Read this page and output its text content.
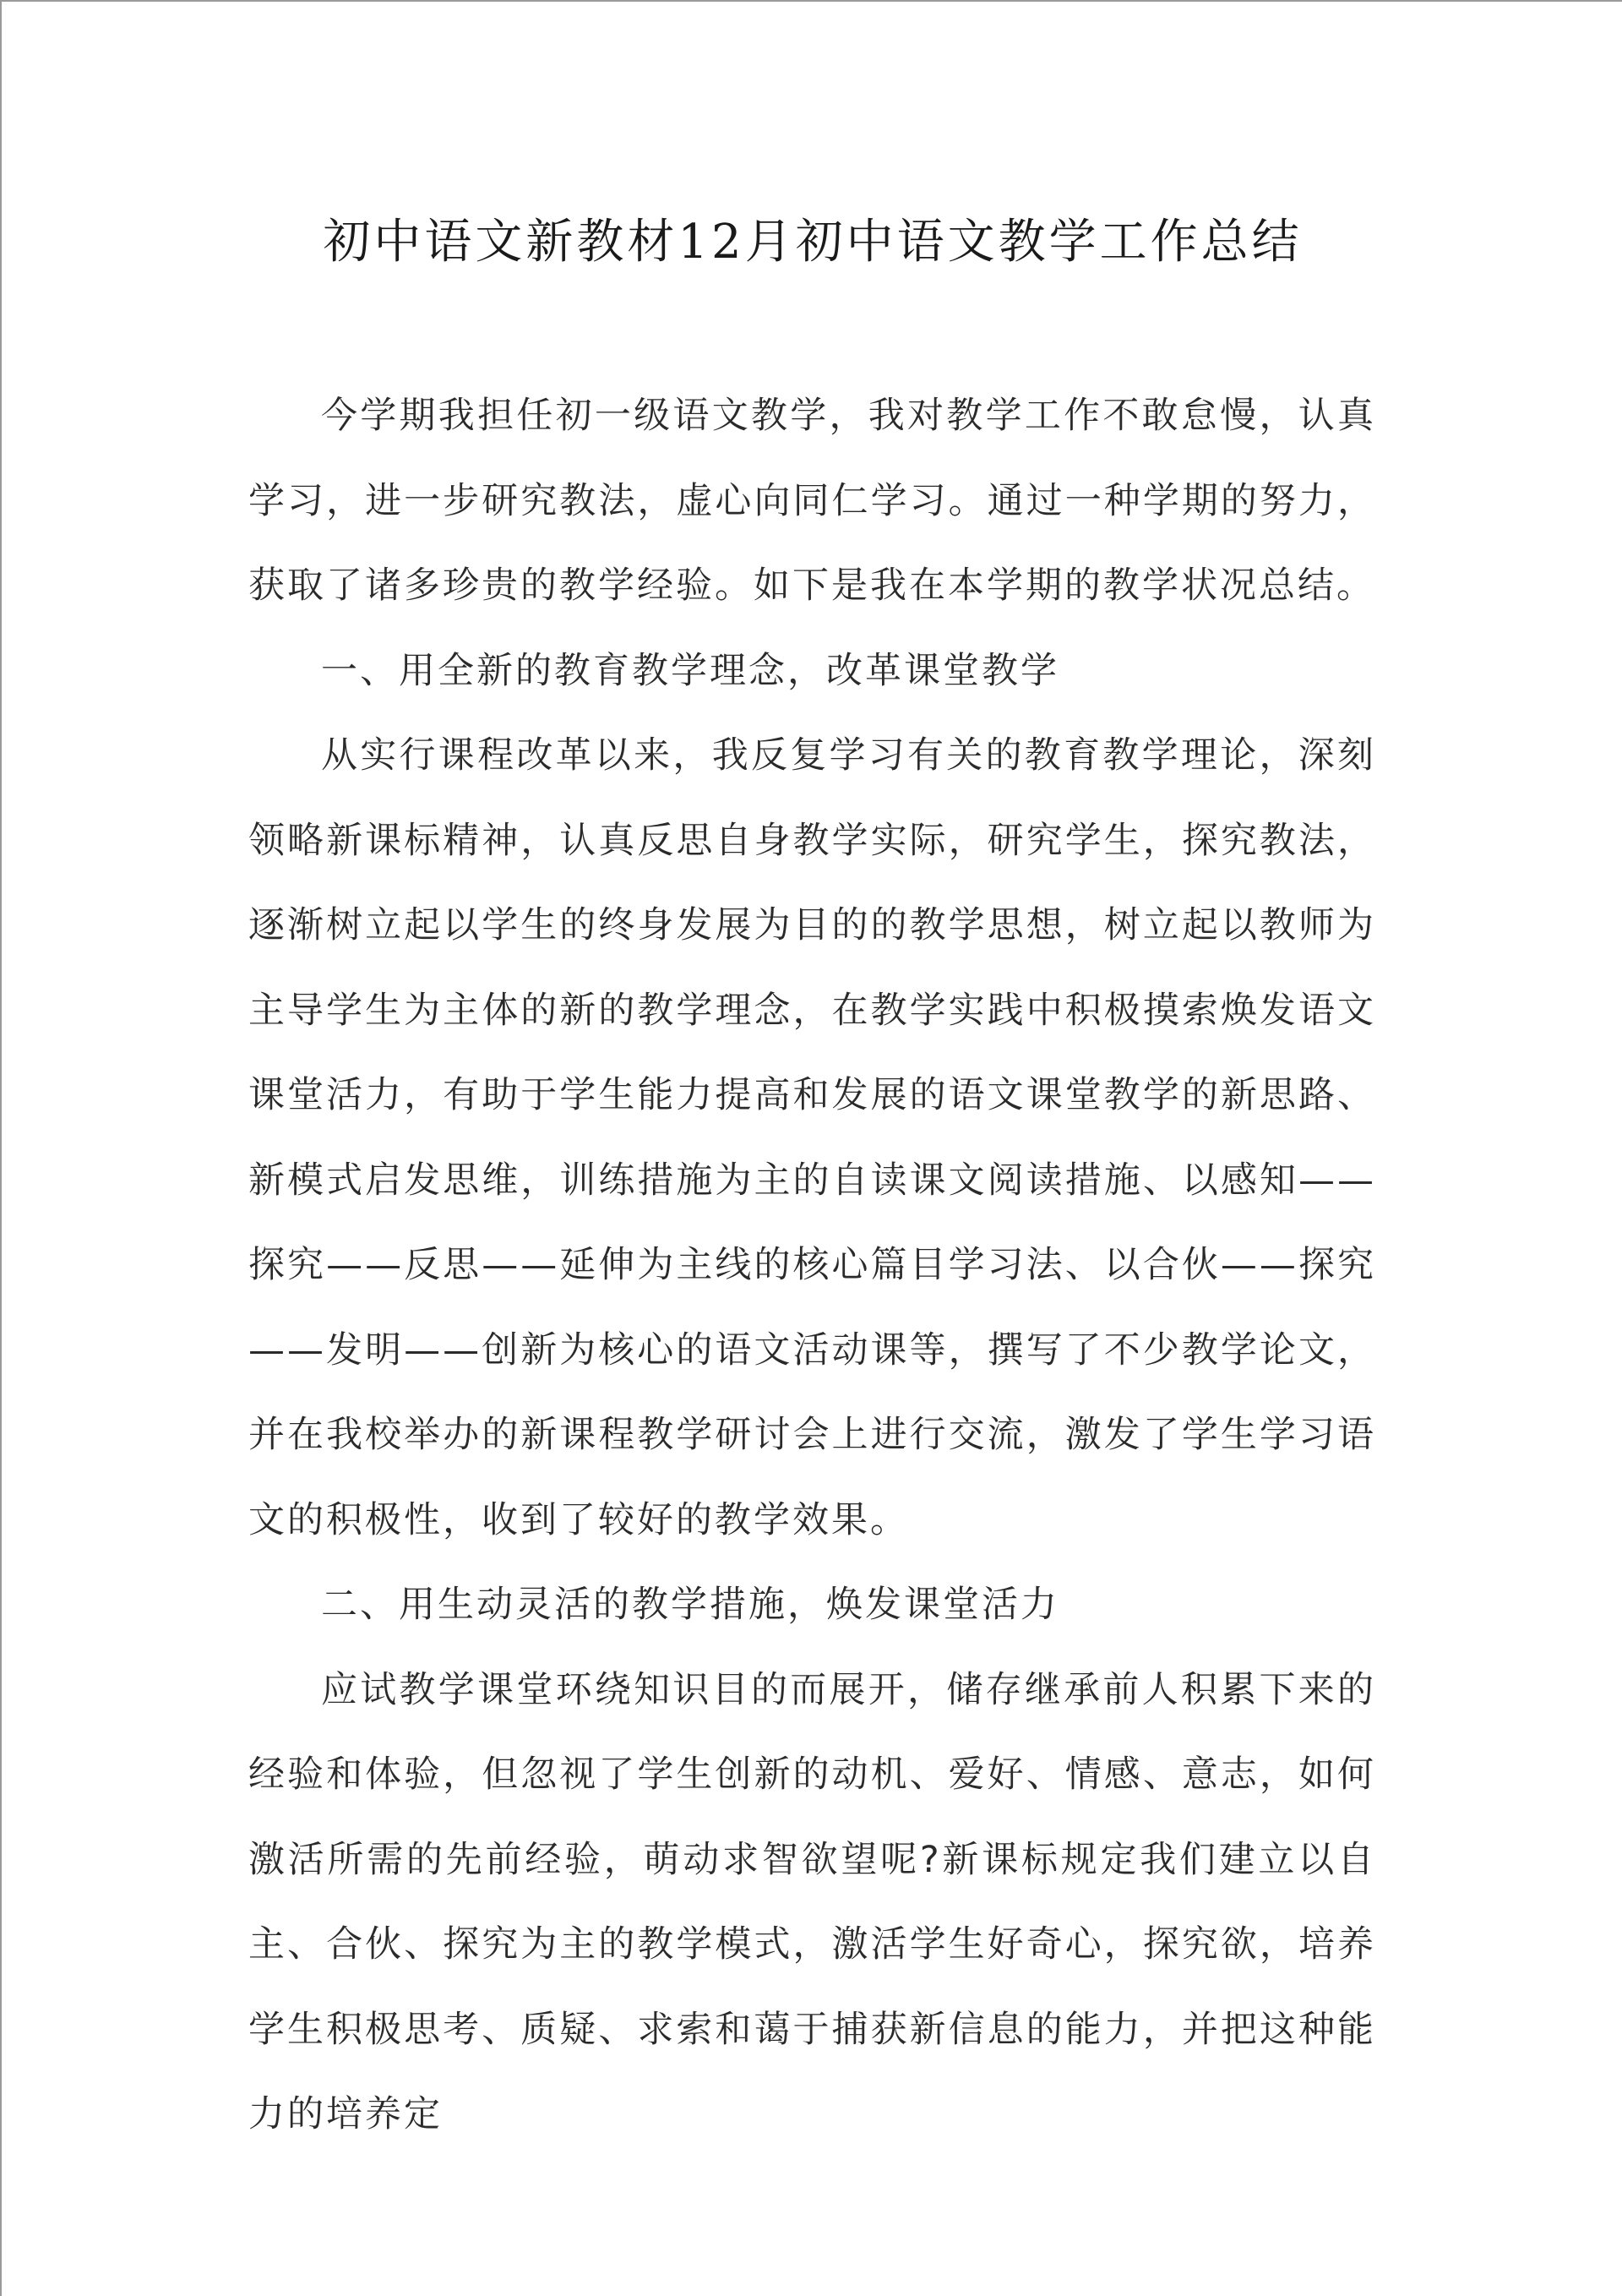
初中语文新教材12月初中语文教学工作总结

今学期我担任初一级语文教学，我对教学工作不敢怠慢，认真学习，进一步研究教法，虚心向同仁学习。通过一种学期的努力，获取了诸多珍贵的教学经验。如下是我在本学期的教学状况总结。

一、用全新的教育教学理念，改革课堂教学

从实行课程改革以来，我反复学习有关的教育教学理论，深刻领略新课标精神，认真反思自身教学实际，研究学生，探究教法，逐渐树立起以学生的终身发展为目的的教学思想，树立起以教师为主导学生为主体的新的教学理念，在教学实践中积极摸索焕发语文课堂活力，有助于学生能力提高和发展的语文课堂教学的新思路、新模式启发思维，训练措施为主的自读课文阅读措施、以感知——探究——反思——延伸为主线的核心篇目学习法、以合伙——探究——发明——创新为核心的语文活动课等，撰写了不少教学论文，并在我校举办的新课程教学研讨会上进行交流，激发了学生学习语文的积极性，收到了较好的教学效果。

二、用生动灵活的教学措施，焕发课堂活力

应试教学课堂环绕知识目的而展开，储存继承前人积累下来的经验和体验，但忽视了学生创新的动机、爱好、情感、意志，如何激活所需的先前经验，萌动求智欲望呢?新课标规定我们建立以自主、合伙、探究为主的教学模式，激活学生好奇心，探究欲，培养学生积极思考、质疑、求索和蔼于捕获新信息的能力，并把这种能力的培养定
